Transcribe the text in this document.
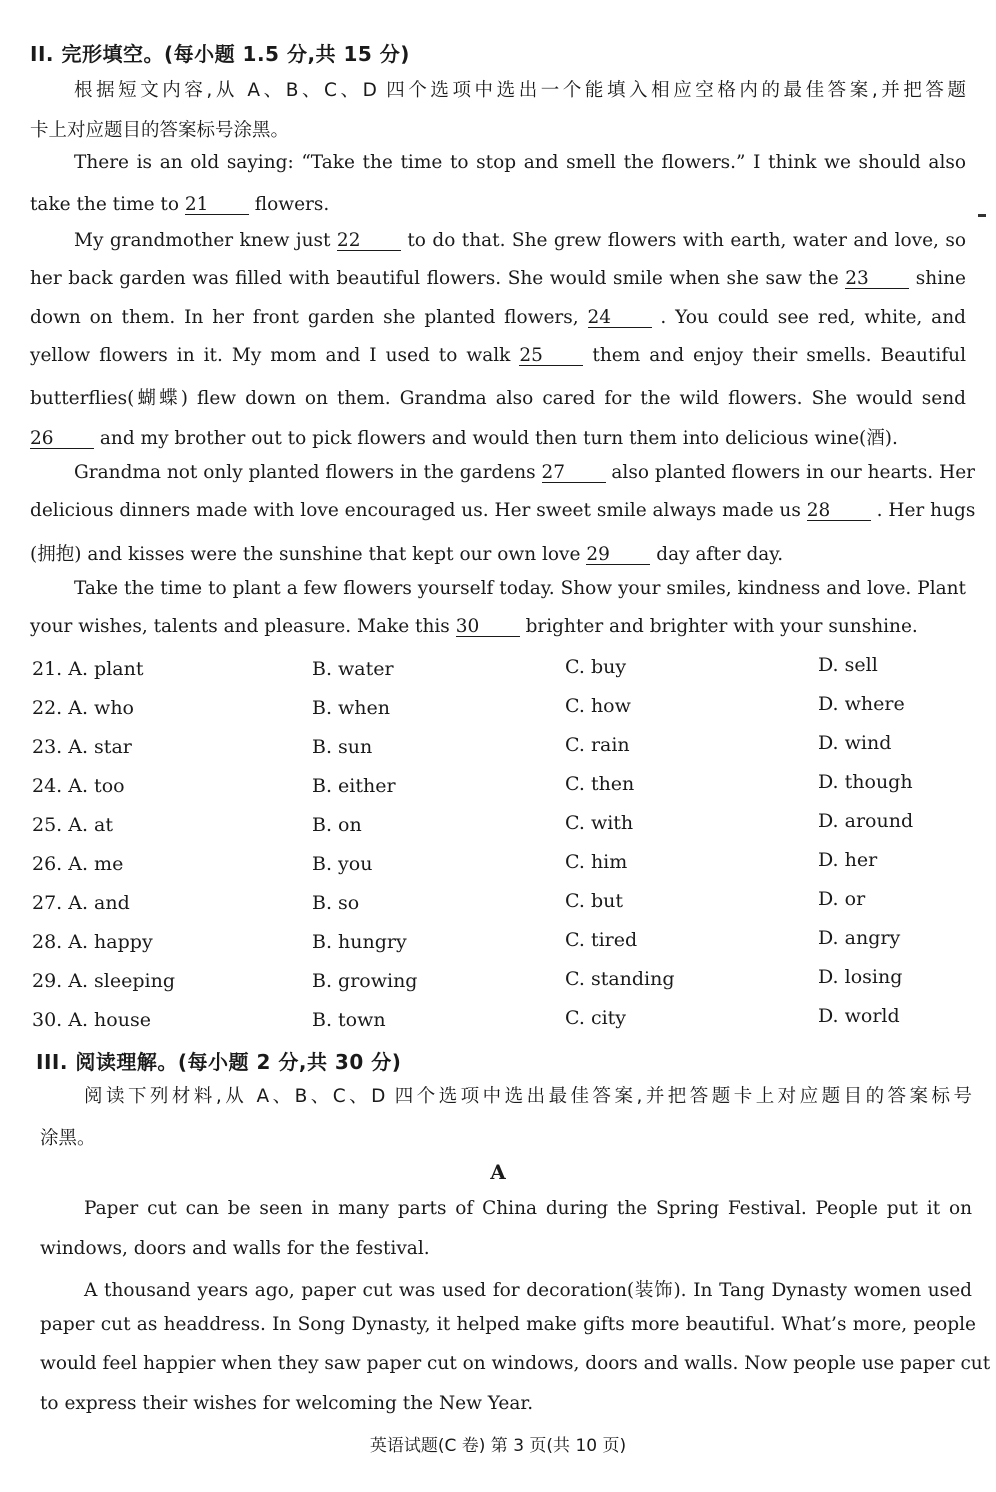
II. 完形填空。(每小题 1.5 分,共 15 分)
根据短文内容,从 A、B、C、D 四个选项中选出一个能填入相应空格内的最佳答案,并把答题
卡上对应题目的答案标号涂黑。
There is an old saying: “Take the time to stop and smell the flowers.” I think we should also
take the time to 21	flowers.
My grandmother knew just 22	to do that. She grew flowers with earth, water and love, so
her back garden was filled with beautiful flowers. She would smile when she saw the 23	shine
down on them. In her front garden she planted flowers, 24	. You could see red, white, and
yellow flowers in it. My mom and I used to walk 25	them and enjoy their smells. Beautiful
butterflies(蝴蝶) flew down on them. Grandma also cared for the wild flowers. She would send
26	and my brother out to pick flowers and would then turn them into delicious wine(酒).
Grandma not only planted flowers in the gardens 27	also planted flowers in our hearts. Her
delicious dinners made with love encouraged us. Her sweet smile always made us 28	. Her hugs
(拥抱) and kisses were the sunshine that kept our own love 29	day after day.
Take the time to plant a few flowers yourself today. Show your smiles, kindness and love. Plant
your wishes, talents and pleasure. Make this 30	brighter and brighter with your sunshine.
21. A. plant	B. water	C. buy	D. sell
22. A. who	B. when	C. how	D. where
23. A. star	B. sun	C. rain	D. wind
24. A. too	B. either	C. then	D. though
25. A. at	B. on	C. with	D. around
26. A. me	B. you	C. him	D. her
27. A. and	B. so	C. but	D. or
28. A. happy	B. hungry	C. tired	D. angry
29. A. sleeping	B. growing	C. standing	D. losing
30. A. house	B. town	C. city	D. world
III. 阅读理解。(每小题 2 分,共 30 分)
阅读下列材料,从 A、B、C、D 四个选项中选出最佳答案,并把答题卡上对应题目的答案标号
涂黑。
A
Paper cut can be seen in many parts of China during the Spring Festival. People put it on
windows, doors and walls for the festival.
A thousand years ago, paper cut was used for decoration(装饰). In Tang Dynasty women used
paper cut as headdress. In Song Dynasty, it helped make gifts more beautiful. What’s more, people
would feel happier when they saw paper cut on windows, doors and walls. Now people use paper cut
to express their wishes for welcoming the New Year.
英语试题(C 卷) 第 3 页(共 10 页)
